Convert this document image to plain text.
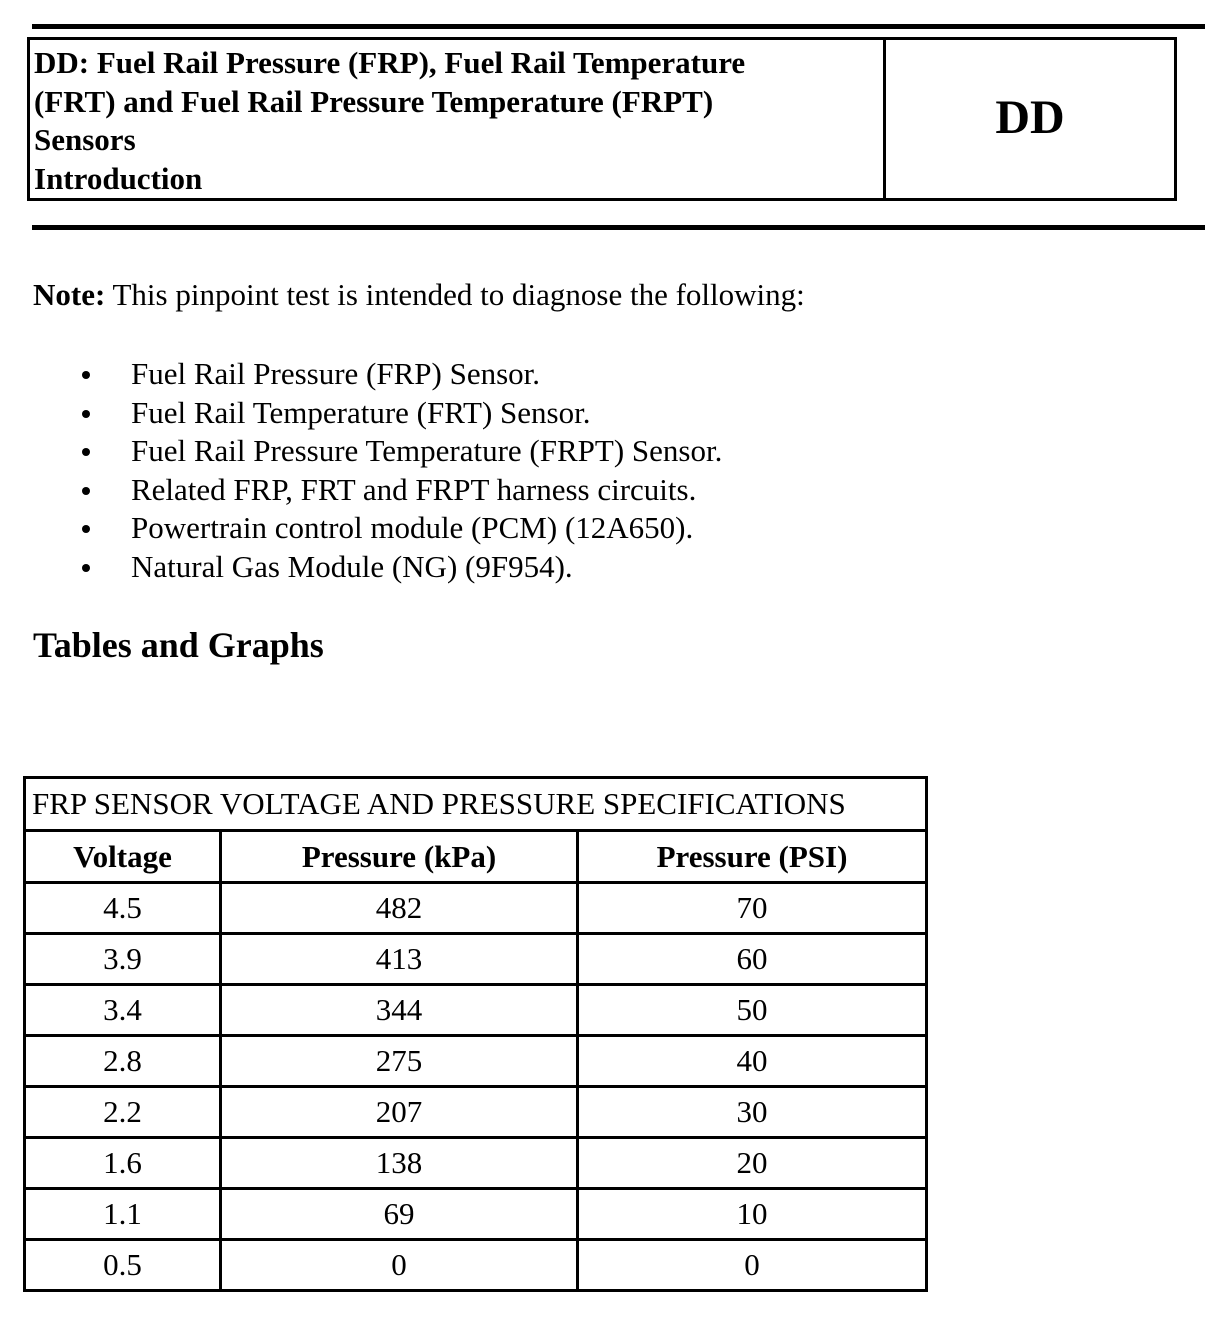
DD: Fuel Rail Pressure (FRP), Fuel Rail Temperature
(FRT) and Fuel Rail Pressure Temperature (FRPT)
Sensors
Introduction
DD
Note: This pinpoint test is intended to diagnose the following:
Fuel Rail Pressure (FRP) Sensor.
Fuel Rail Temperature (FRT) Sensor.
Fuel Rail Pressure Temperature (FRPT) Sensor.
Related FRP, FRT and FRPT harness circuits.
Powertrain control module (PCM) (12A650).
Natural Gas Module (NG) (9F954).
Tables and Graphs
FRP SENSOR VOLTAGE AND PRESSURE SPECIFICATIONS		
Voltage	Pressure (kPa)	Pressure (PSI)
4.5	482	70
3.9	413	60
3.4	344	50
2.8	275	40
2.2	207	30
1.6	138	20
1.1	69	10
0.5	0	0
